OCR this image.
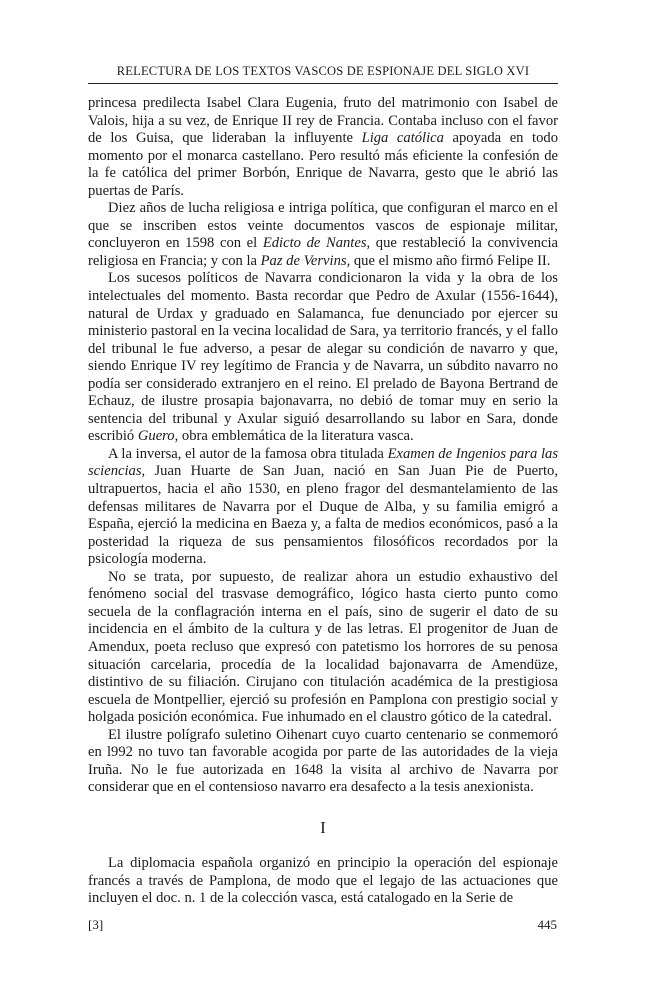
RELECTURA DE LOS TEXTOS VASCOS DE ESPIONAJE DEL SIGLO XVI

princesa predilecta Isabel Clara Eugenia, fruto del matrimonio con Isabel de Valois, hija a su vez, de Enrique II rey de Francia. Contaba incluso con el favor de los Guisa, que lideraban la influyente Liga católica apoyada en todo momento por el monarca castellano. Pero resultó más eficiente la confesión de la fe católica del primer Borbón, Enrique de Navarra, gesto que le abrió las puertas de París.

Diez años de lucha religiosa e intriga política, que configuran el marco en el que se inscriben estos veinte documentos vascos de espionaje militar, concluyeron en 1598 con el Edicto de Nantes, que restableció la convivencia religiosa en Francia; y con la Paz de Vervins, que el mismo año firmó Felipe II.

Los sucesos políticos de Navarra condicionaron la vida y la obra de los intelectuales del momento. Basta recordar que Pedro de Axular (1556-1644), natural de Urdax y graduado en Salamanca, fue denunciado por ejercer su ministerio pastoral en la vecina localidad de Sara, ya territorio francés, y el fallo del tribunal le fue adverso, a pesar de alegar su condición de navarro y que, siendo Enrique IV rey legítimo de Francia y de Navarra, un súbdito navarro no podía ser considerado extranjero en el reino. El prelado de Bayona Bertrand de Echauz, de ilustre prosapia bajonavarra, no debió de tomar muy en serio la sentencia del tribunal y Axular siguió desarrollando su labor en Sara, donde escribió Guero, obra emblemática de la literatura vasca.

A la inversa, el autor de la famosa obra titulada Examen de Ingenios para las sciencias, Juan Huarte de San Juan, nació en San Juan Pie de Puerto, ultrapuertos, hacia el año 1530, en pleno fragor del desmantelamiento de las defensas militares de Navarra por el Duque de Alba, y su familia emigró a España, ejerció la medicina en Baeza y, a falta de medios económicos, pasó a la posteridad la riqueza de sus pensamientos filosóficos recordados por la psicología moderna.

No se trata, por supuesto, de realizar ahora un estudio exhaustivo del fenómeno social del trasvase demográfico, lógico hasta cierto punto como secuela de la conflagración interna en el país, sino de sugerir el dato de su incidencia en el ámbito de la cultura y de las letras. El progenitor de Juan de Amendux, poeta recluso que expresó con patetismo los horrores de su penosa situación carcelaria, procedía de la localidad bajonavarra de Amendüze, distintivo de su filiación. Cirujano con titulación académica de la prestigiosa escuela de Montpellier, ejerció su profesión en Pamplona con prestigio social y holgada posición económica. Fue inhumado en el claustro gótico de la catedral.

El ilustre polígrafo suletino Oihenart cuyo cuarto centenario se conmemoró en l992 no tuvo tan favorable acogida por parte de las autoridades de la vieja Iruña. No le fue autorizada en 1648 la visita al archivo de Navarra por considerar que en el contensioso navarro era desafecto a la tesis anexionista.

I

La diplomacia española organizó en principio la operación del espionaje francés a través de Pamplona, de modo que el legajo de las actuaciones que incluyen el doc. n. 1 de la colección vasca, está catalogado en la Serie de

[3]	445
